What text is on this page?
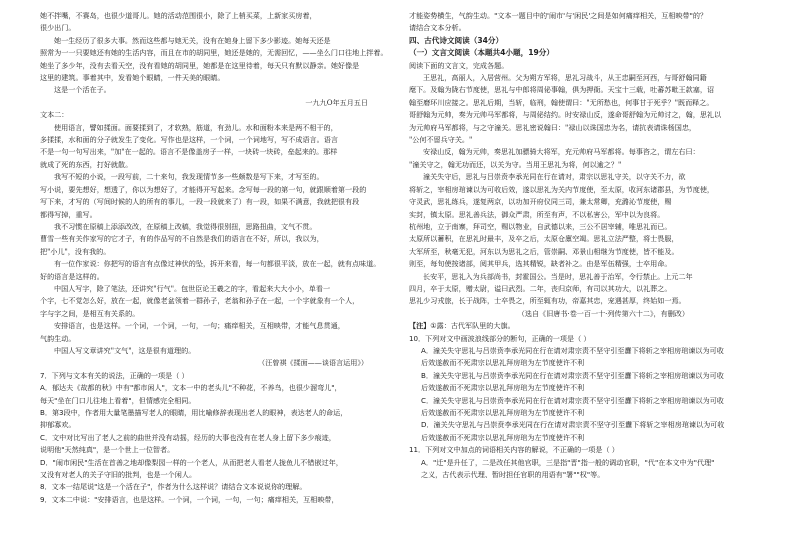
她不拌嘴，不赛岛，也很少道哥儿。她的活动范围很小，除了上梢买菜，上新家买房着，

很少出门。

她一生经历了很多大事。然而这些都与她无关，没有在她身上留下多少影迹。她每天还是

照常为一一只要她还有她的生活内容，而且在市的胡同里，她还是她的，无需回忆，——坐么门口往地上拌着。

她坐了多少年，没有去看天空，没有看她的胡同里，她都是在这里待着，每天只有默以静亲。她好像是

这里的建筑。事着其中，发看她个眼睛，一件天美的眼睛。

这是一个活在子。

一九九O年五月五日

文本二：

使用语言，譬如揉面。面要揉到了，才软熟，筋道，有劲儿。水和面粉本来是两不相干的，

多揉揉，水和面的分子就发生了变化。写作也是这样，一个词，一个词地写，写不成语言。语言

不是一句一句写出来，"加"在一起的。语言不是像盖房子一样，一块砖一块砖，垒起来的。那样

就成了死的东西，打好就散。

我写不短的小说，一段写前，二十来句，我发现情节多一些颇数是写下来，才写至的。

写小说，要先想好，想透了，你以为想好了，才能得开写起来。念写每一段的第一句，就跟顺着第一段的

写下来，才写的（写间时候的人的所有的事儿，一段一段就来了）有一段，如果不满意，我就把很有段

都得写掉，重写。

我不习惯在原稿上添添改改，在原稿上改稿，我觉得很别扭，思路扭曲，文气不贯。

曹雪一些有关作家写的它才子，有的作品写的不自然是我们的语言在不好，所以，我以为，

把"小儿"，没有我的。

有一位作家说：你把写的语言有点像过神伏的坠，拆开来看，每一句都很平淡，放在一起，就有点味道。

好的语言是这样的。

中国人写字，除了笔法，还讲究"行气"。包世臣论王羲之的字，看起来大大小小，单看一

个字，七不觉怎么好，放在一起，就像老盆领着一群孙子，老翁和孙子在一起，一个字就象有一个人，

字与字之间，是相互有关系的。

安排语言，也是这样。一个词，一个词，一句，一句；痛痒相关，互相映带，才能气息贯通，

气韵生动。

中国人写文章讲究"文气"，这是很有道理的。

（汪曾祺《揉面——谈语言运用》）

7．下列与文本有关的说法，正确的一项是（ ）

A．郁达夫《故都的秋》中有"都市闲人"，文本一中的老头儿"不种花，不养鸟，也很少溜弯儿"，

每天"坐在门口儿往地上看着"，但情感完全相同。

B．第3段中，作者用大量笔墨描写老人的眼睛，用比喻修辞表现出老人的眼神，表达老人的命运，

抑郁寡欢。

C．文中对比写出了老人之前的曲世并没有动摇，经历的大事也没有在老人身上留下多少痕迹，

说明他"天然纯真"，是一个世上一位智者。

D．"闹市闲民"生活在首善之地却像梨园一样的一个老人，从而把老人看老人拢鱼儿不错嵌过年，

又没有对老人的关子守旧的批判，也是一个闲人。

8．文本一结尾说"这是一个活在子"，作者为什么这样说？请结合文本说说你的理解。

9．文本二中说："安排语言，也是这样。一个词，一个词，一句，一句；痛痒相关，互相映带，

才能姿势横生，气韵生动。"文本一题目中的'闹市'与'闲民'之间是如何痛痒相关，互相映带"的？

请结合文本分析。

四、古代诗文阅读（34分）

（一）文言文阅读（本题共4小题，19分）

阅读下面的文言文，完成各题。

王思礼，高丽人，入居营州。父为朔方军将，思礼习战斗，从王忠嗣至河西，与哥舒翰同籍

麾下。及翰为陇右节度使，思礼与中郎将周佖事翰，俱为押衙。天宝十三载，吐蕃苏毗王款塞，诏

翰至磨环川应接之。思礼后期，当斩，临刑，翰使谓曰："无所愁也，何事甘于死乎？"既而释之。

哥舒翰为元帅，奏为元帅马军都将，与周佖结约。时安禄山反，遂命哥舒翰为元帅讨之，翰，思礼以

为元帅府马军都将，与之守潼关。思礼密说翰曰："禄山以诛国忠为名，请抗表请诛杨国忠，

"公何不留兵守关。"

安禄山反，翰为元帅，奏思礼加骠骑大将军，充元帅府马军都将。每事咨之，谓左右曰：

"潼关守之，翰无功而还，以关为守。当用王思礼为将，何以逾之？"

潼关失守后，思礼与吕崇贲李承光同在行在请对，肃宗以思礼守关，以守关不力，欲

将斩之，宰相房琯谏以为可收后效，遂以思礼为关内节度使，至太原，收河东诸郡县，为节度使，

守灵武，思礼练兵，遂复两京，以功加开府仪同三司，兼太常卿，充潞沁节度使，赐

实封，镇太原。思礼善兵法，御众严肃，所至有声，不以私害公，军中以为良将。

杭州地，立于南寨，拜司空，赐以物业，自武德以来，三公不居宰辅，唯思礼而已。

太原所以蓄积，在思礼时最丰，及卒之后，太原仓廪空竭。思礼立法严整，将士畏服，

大军所至，秋毫无犯，河东以为思礼之后，管崇嗣、邓景山相继为节度使，皆不能及。

则至，每旬使按诸部，阅其甲兵，选其精锐，缺者补之。由是军伍精强，士卒用命。

长安平，思礼入为兵部尚书，封霍国公。当是时，思礼善于治军，令行禁止。上元二年

四月，卒于太原，赠太尉，谥曰武烈。二年，丧归京师，有司以其功大，以礼葬之。

思礼少习戎旅，长于战阵，士卒畏之，所至辄有功，帝嘉其忠，宠遇甚厚，终始如一焉。

（选自《旧唐书·卷一百一十·列传第六十二》，有删改）

【注】①露：古代军队里的大旗。

10．下列对文中画波浪线部分的断句，正确的一项是（ ）

A．潼关失守思礼与吕崇贲李承光同在行在请对肃宗责不坚守引至纛下将斩之宰相房琯谏以为可收

后效遂赦而不死肃宗以思礼拜房琯为左节度使许不利

B．潼关失守思礼与吕崇贲李承光同在行在请对肃宗责不坚守引至纛下将斩之宰相房琯谏以为可收

后效遂赦而不死肃宗以思礼拜房琯为左节度使许不利

C．潼关失守思礼与吕崇贲李承光同在行在请对肃宗责不坚守引至纛下将斩之宰相房琯谏以为可收

后效遂赦而不死肃宗以思礼拜房琯为左节度使许不利

D．潼关失守思礼与吕崇贲李承光同在行在请对肃宗责不坚守引至纛下将斩之宰相房琯谏以为可收

后效遂赦而不死肃宗以思礼拜房琯为左节度使许不利

11．下列对文中加点的词语相关内容的解说，不正确的一项是（ ）

A．"迁"是升任了，二是改任其他官职，三是指"晋"指一般的调动官职，"代"在本文中为"代理"

之义，古代表示代理、暂时担任官职的用语有"署""权"等。
